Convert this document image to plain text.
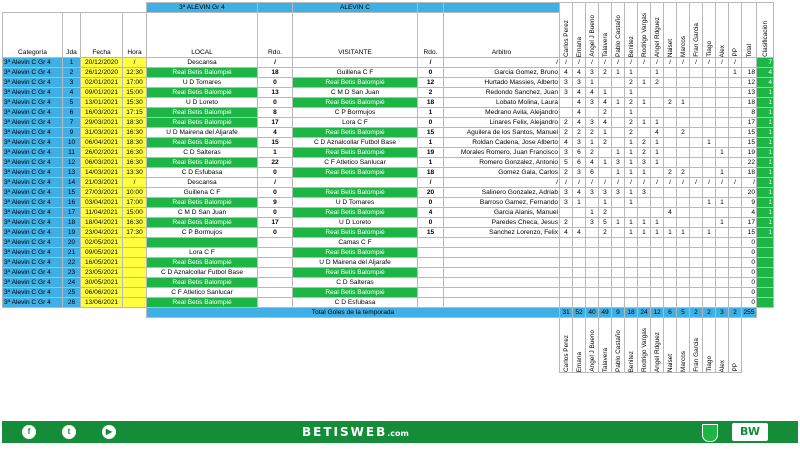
				3ª ALEVIN Gr 4		ALEVIN C			Carlos Perez	Emana	Angel J Bueno	Talavera	Pablo Castaño	Benitez	Rodrigo Vargas	Angel Rdguez	Naiset	Marcos	Fran Garcia	Tiago	Alex	PP	Total	Clasificación

Categoría	Jda	Fecha	Hora	LOCAL	Rdo.	VISITANTE	Rdo.	Arbitro																
3ª Alevin C Gr 4	1	20/12/2020	/	Descansa	/		/	/	/	/	/	/	/	/	/	/	/	/	/	/	/	/		7
3ª Alevin C Gr 4	2	26/12/2020	12:30	Real Betis Balompié	18	Guillena C F	0	Garcia Gomez, Bruno	4	4	3	2	1	1		1						1	18	4
3ª Alevin C Gr 4	3	02/01/2021	17:00	U D Tomares	0	Real Betis Balompié	12	Hurtado Massies, Alberto	3	3	1			2	1	2							12	4
3ª Alevin C Gr 4	4	09/01/2021	15:00	Real Betis Balompié	13	C M D San Juan	2	Redondo Sanchez, Juan	3	4	4	1		1									13	1
3ª Alevin C Gr 4	5	13/01/2021	15:30	U D Loreto	0	Real Betis Balompié	18	Lobato Molina, Laura		4	3	4	1	2	1		2	1					18	1
3ª Alevin C Gr 4	6	16/03/2021	17:15	Real Betis Balompié	8	C P Bormujos	1	Medrano Avila, Alejandro		4		2		1									8	1
3ª Alevin C Gr 4	7	29/03/2021	18:30	Real Betis Balompié	17	Lora C F	0	Linares Felix, Alejandro	2	4	3	4		2	1	1							17	1
3ª Alevin C Gr 4	9	31/03/2021	16:30	U D Mairena del Aljarafe	4	Real Betis Balompié	15	Aguilera de los Santos, Manuel	2	2	2	1		2		4		2					15	1
3ª Alevin C Gr 4	10	06/04/2021	18:30	Real Betis Balompié	15	C D Aznalcollar Futbol Base	1	Roldan Cadena, Jose Alberto	4	3	1	2		1	2	1				1			15	1
3ª Alevin C Gr 4	11	26/02/2021	16:30	C D Salteras	1	Real Betis Balompié	19	Morales Romero, Juan Francisco	3	6	2		1	1	2	1					1		19	1
3ª Alevin C Gr 4	12	06/03/2021	16:30	Real Betis Balompié	22	C F Atletico Sanlucar	1	Romero Gonzalez, Antonio	5	6	4	1	3	1	3	1							22	1
3ª Alevin C Gr 4	13	14/03/2021	13:30	C D Esfubasa	0	Real Betis Balompié	18	Gomez Gala, Carlos	2	3	6		1	1	1		2	2			1		18	1
3ª Alevin C Gr 4	14	21/03/2021	/	Descansa	/		/	/	/	/	/	/	/	/	/	/	/	/	/	/	/	/	/	1
3ª Alevin C Gr 4	15	27/03/2021	10:00	Guillena C F	0	Real Betis Balompié	20	Salinero Gonzalez, Adriab	3	4	3	3	3	1	3								20	1
3ª Alevin C Gr 4	16	03/04/2021	17:00	Real Betis Balompié	9	U D Tomares	0	Barroso Gamez, Fernando	3	1		1		1						1	1		9	1
3ª Alevin C Gr 4	17	11/04/2021	15:00	C M D San Juan	0	Real Betis Balompié	4	Garcia Alanis, Manuel			1	2					4						4	1
3ª Alevin C Gr 4	18	18/04/2021	16:30	Real Betis Balompié	17	U D Loreto	0	Paredes Checa, Jesus	2		3	5	1	1	1	1					1		17	1
3ª Alevin C Gr 4	19	23/04/2021	17:30	C P Bormujos	0	Real Betis Balompié	15	Sanchez Lorenzo, Felix	4	4		2		1	1	1	1	1		1			15	1
3ª Alevin C Gr 4	20	02/05/2021				Camas C F																	0	
3ª Alevin C Gr 4	21	09/05/2021		Lora C F		Real Betis Balompié																	0	
3ª Alevin C Gr 4	22	16/05/2021		Real Betis Balompié		U D Mairena del Aljarafe																	0	
3ª Alevin C Gr 4	23	23/05/2021		C D Aznalcollar Futbol Base		Real Betis Balompié																	0	
3ª Alevin C Gr 4	24	30/05/2021		Real Betis Balompié		C D Salteras																	0	
3ª Alevin C Gr 4	25	06/06/2021		C F Atletico Sanlucar		Real Betis Balompié																	0	
3ª Alevin C Gr 4	26	13/06/2021		Real Betis Balompié		C D Esfubasa																	0	
				Total Goles de la temporada					31	52	40	49	9	18	24	12	6	5	2	2	3	2	255	

									Carlos Perez	Emana	Angel J Bueno	Talavera	Pablo Castaño	Benitez	Rodrigo Vargas	Angel Rdguez	Naiset	Marcos	Fran Garcia	Tiago	Alex	PP		

f	t	▶	BETISWEB.com	BW
